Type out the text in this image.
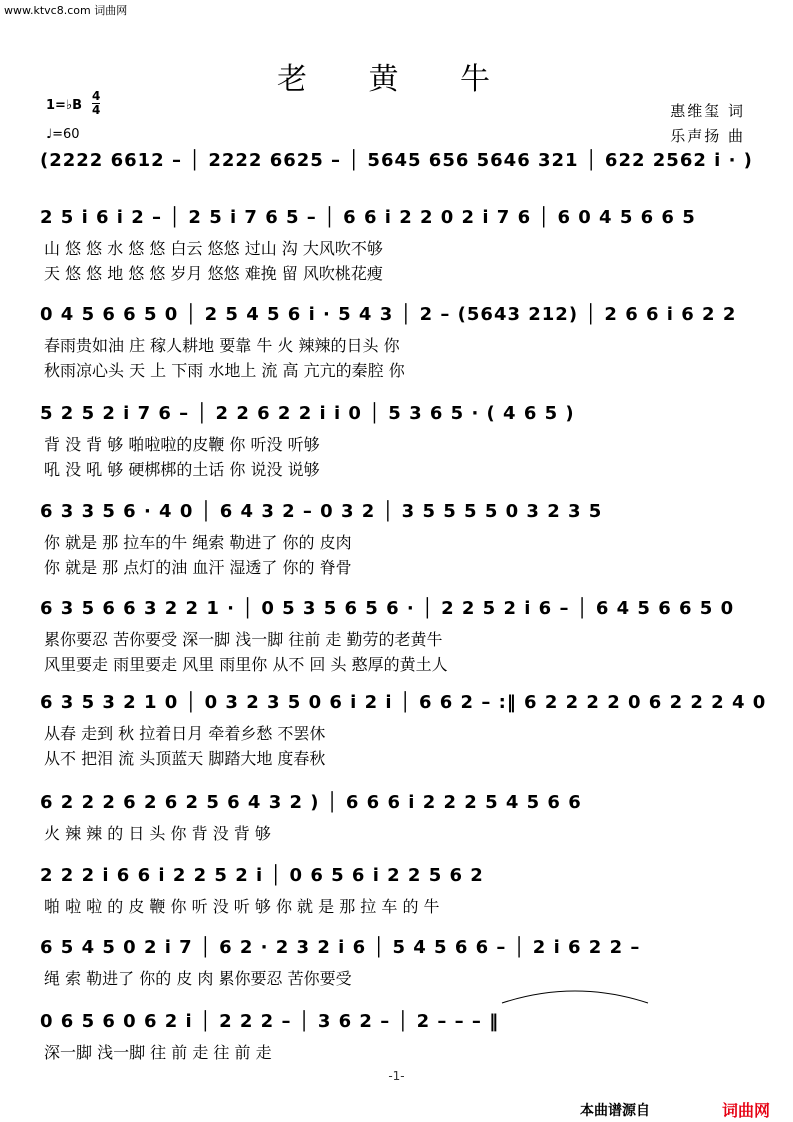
www.ktvc8.com 词曲网
老 黄 牛
1=♭B
4
4
♩=60
惠维玺 词
乐声扬 曲
(2222 6612 – │ 2222 6625 – │ 5645 656 5646 321 │ 622 2562 i · )
2 5 i 6 i 2 – │ 2 5 i 7 6 5 – │ 6 6 i 2 2 0 2 i 7 6 │ 6 0 4 5 6 6 5
山 悠 悠 水 悠 悠 白云 悠悠 过山 沟 大风吹不够
天 悠 悠 地 悠 悠 岁月 悠悠 难挽 留 风吹桃花瘦
0 4 5 6 6 5 0 │ 2 5 4 5 6 i · 5 4 3 │ 2 – (5643 212) │ 2 6 6 i 6 2 2
春雨贵如油 庄 稼人耕地 要靠 牛 火 辣辣的日头 你
秋雨凉心头 天 上 下雨 水地上 流 高 亢亢的秦腔 你
5 2 5 2 i 7 6 – │ 2 2 6 2 2 i i 0 │ 5 3 6 5 · ( 4 6 5 )
背 没 背 够 啪啦啦的皮鞭 你 听没 听够
吼 没 吼 够 硬梆梆的土话 你 说没 说够
6 3 3 5 6 · 4 0 │ 6 4 3 2 – 0 3 2 │ 3 5 5 5 5 0 3 2 3 5
你 就是 那 拉车的牛 绳索 勒进了 你的 皮肉
你 就是 那 点灯的油 血汗 湿透了 你的 脊骨
6 3 5 6 6 3 2 2 1 · │ 0 5 3 5 6 5 6 · │ 2 2 5 2 i 6 – │ 6 4 5 6 6 5 0
累你要忍 苦你要受 深一脚 浅一脚 往前 走 勤劳的老黄牛
风里要走 雨里要走 风里 雨里你 从不 回 头 憨厚的黄土人
6 3 5 3 2 1 0 │ 0 3 2 3 5 0 6 i 2 i │ 6 6 2 – :‖ 6 2 2 2 2 0 6 2 2 2 4 0
从春 走到 秋 拉着日月 牵着乡愁 不罢休
从不 把泪 流 头顶蓝天 脚踏大地 度春秋
6 2 2 2 6 2 6 2 5 6 4 3 2 ) │ 6 6 6 i 2 2 2 5 4 5 6 6
火 辣 辣 的 日 头 你 背 没 背 够
2 2 2 i 6 6 i 2 2 5 2 i │ 0 6 5 6 i 2 2 5 6 2
啪 啦 啦 的 皮 鞭 你 听 没 听 够 你 就 是 那 拉 车 的 牛
6 5 4 5 0 2 i 7 │ 6 2 · 2 3 2 i 6 │ 5 4 5 6 6 – │ 2 i 6 2 2 –
绳 索 勒进了 你的 皮 肉 累你要忍 苦你要受
0 6 5 6 0 6 2 i │ 2 2 2 – │ 3 6 2 – │ 2 – – – ‖
深一脚 浅一脚 往 前 走 往 前 走
-1-
本曲谱源自	词曲网
